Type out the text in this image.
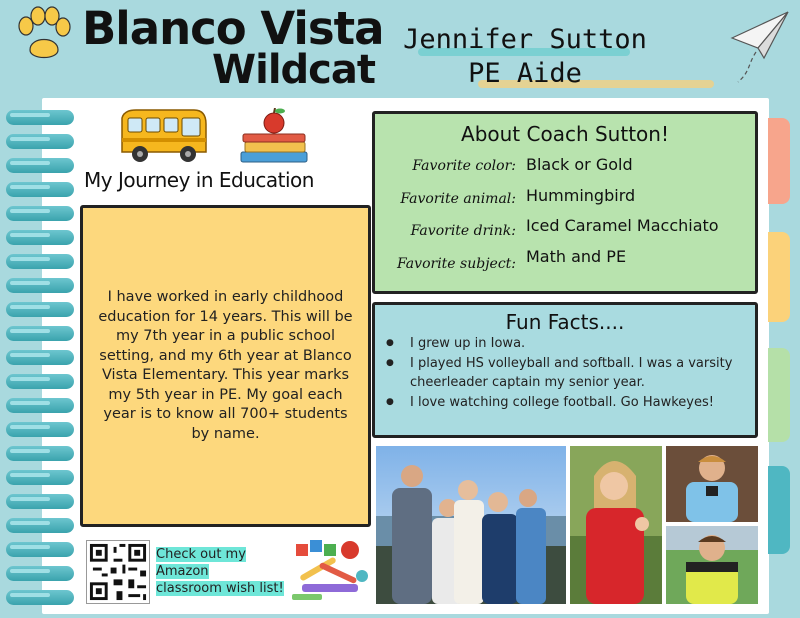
Blanco Vista
Wildcat
Jennifer Sutton
PE Aide
My Journey in Education

I have worked in early childhood education for 14 years. This will be my 7th year in a public school setting, and my 6th year at Blanco Vista Elementary. This year marks my 5th year in PE. My goal each year is to know all 700+ students by name.

Check out my
Amazon
classroom wish list!
About Coach Sutton!
Favorite color: Black or Gold
Favorite animal: Hummingbird
Favorite drink: Iced Caramel Macchiato
Favorite subject: Math and PE
Fun Facts....
● I grew up in Iowa.
● I played HS volleyball and softball. I was a varsity cheerleader captain my senior year.
● I love watching college football. Go Hawkeyes!
